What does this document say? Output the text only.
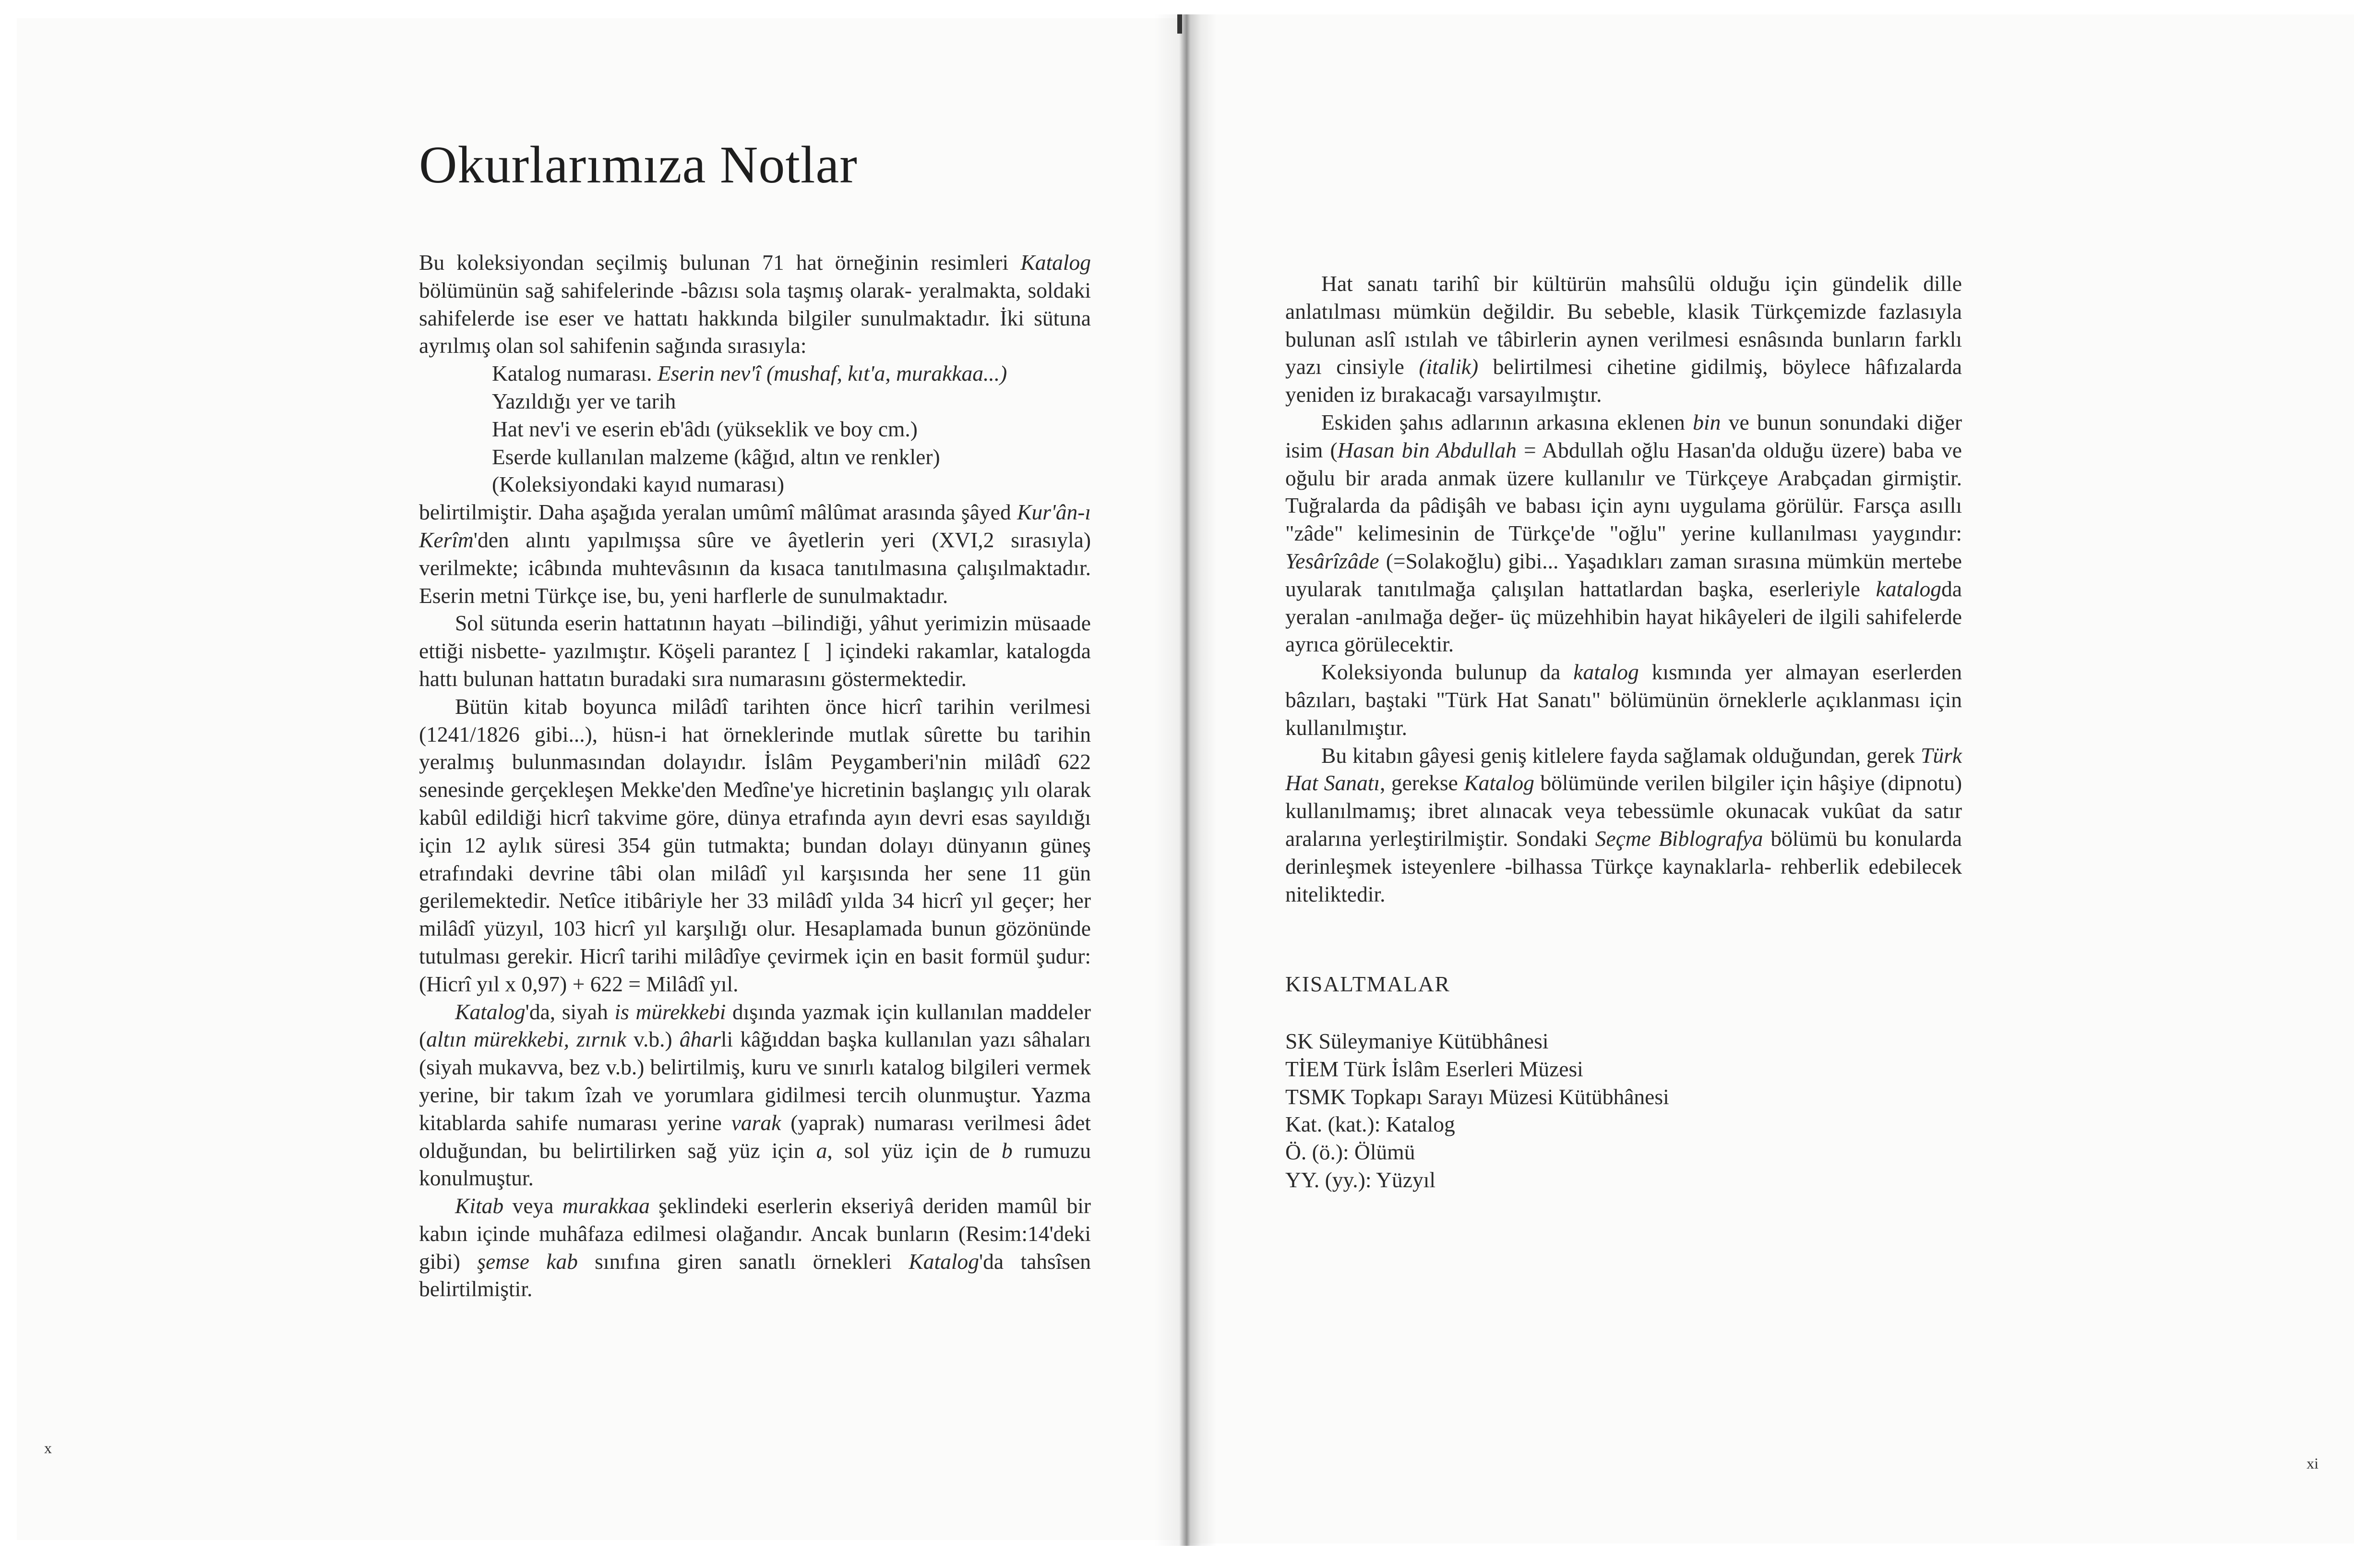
Okurlarımıza Notlar

Bu koleksiyondan seçilmiş bulunan 71 hat örneğinin resimleri Katalog bölümünün sağ sahifelerinde -bâzısı sola taşmış olarak- yeralmakta, soldaki sahifelerde ise eser ve hattatı hakkında bilgiler sunulmaktadır. İki sütuna ayrılmış olan sol sahifenin sağında sırasıyla:

Katalog numarası. Eserin nev'î (mushaf, kıt'a, murakkaa...)
Yazıldığı yer ve tarih
Hat nev'i ve eserin eb'âdı (yükseklik ve boy cm.)
Eserde kullanılan malzeme (kâğıd, altın ve renkler)
(Koleksiyondaki kayıd numarası)

belirtilmiştir. Daha aşağıda yeralan umûmî mâlûmat arasında şâyed Kur'ân-ı Kerîm'den alıntı yapılmışsa sûre ve âyetlerin yeri (XVI,2 sırasıyla) verilmekte; icâbında muhtevâsının da kısaca tanıtılmasına çalışılmaktadır. Eserin metni Türkçe ise, bu, yeni harflerle de sunulmaktadır.

Sol sütunda eserin hattatının hayatı –bilindiği, yâhut yerimizin müsaade ettiği nisbette- yazılmıştır. Köşeli parantez [  ] içindeki rakamlar, katalogda hattı bulunan hattatın buradaki sıra numarasını göstermektedir.

Bütün kitab boyunca milâdî tarihten önce hicrî tarihin verilmesi (1241/1826 gibi...), hüsn-i hat örneklerinde mutlak sûrette bu tarihin yeralmış bulunmasından dolayıdır. İslâm Peygamberi'nin milâdî 622 senesinde gerçekleşen Mekke'den Medîne'ye hicretinin başlangıç yılı olarak kabûl edildiği hicrî takvime göre, dünya etrafında ayın devri esas sayıldığı için 12 aylık süresi 354 gün tutmakta; bundan dolayı dünyanın güneş etrafındaki devrine tâbi olan milâdî yıl karşısında her sene 11 gün gerilemektedir. Netîce itibâriyle her 33 milâdî yılda 34 hicrî yıl geçer; her milâdî yüzyıl, 103 hicrî yıl karşılığı olur. Hesaplamada bunun gözönünde tutulması gerekir. Hicrî tarihi milâdîye çevirmek için en basit formül şudur: (Hicrî yıl x 0,97) + 622 = Milâdî yıl.

Katalog'da, siyah is mürekkebi dışında yazmak için kullanılan maddeler (altın mürekkebi, zırnık v.b.) âharli kâğıddan başka kullanılan yazı sâhaları (siyah mukavva, bez v.b.) belirtilmiş, kuru ve sınırlı katalog bilgileri vermek yerine, bir takım îzah ve yorumlara gidilmesi tercih olunmuştur. Yazma kitablarda sahife numarası yerine varak (yaprak) numarası verilmesi âdet olduğundan, bu belirtilirken sağ yüz için a, sol yüz için de b rumuzu konulmuştur.

Kitab veya murakkaa şeklindeki eserlerin ekseriyâ deriden mamûl bir kabın içinde muhâfaza edilmesi olağandır. Ancak bunların (Resim:14'deki gibi) şemse kab sınıfına giren sanatlı örnekleri Katalog'da tahsîsen belirtilmiştir.

Hat sanatı tarihî bir kültürün mahsûlü olduğu için gündelik dille anlatılması mümkün değildir. Bu sebeble, klasik Türkçemizde fazlasıyla bulunan aslî ıstılah ve tâbirlerin aynen verilmesi esnâsında bunların farklı yazı cinsiyle (italik) belirtilmesi cihetine gidilmiş, böylece hâfızalarda yeniden iz bırakacağı varsayılmıştır.

Eskiden şahıs adlarının arkasına eklenen bin ve bunun sonundaki diğer isim (Hasan bin Abdullah = Abdullah oğlu Hasan'da olduğu üzere) baba ve oğulu bir arada anmak üzere kullanılır ve Türkçeye Arabçadan girmiştir. Tuğralarda da pâdişâh ve babası için aynı uygulama görülür. Farsça asıllı "zâde" kelimesinin de Türkçe'de "oğlu" yerine kullanılması yaygındır: Yesârîzâde (=Solakoğlu) gibi... Yaşadıkları zaman sırasına mümkün mertebe uyularak tanıtılmağa çalışılan hattatlardan başka, eserleriyle katalogda yeralan -anılmağa değer- üç müzehhibin hayat hikâyeleri de ilgili sahifelerde ayrıca görülecektir.

Koleksiyonda bulunup da katalog kısmında yer almayan eserlerden bâzıları, baştaki "Türk Hat Sanatı" bölümünün örneklerle açıklanması için kullanılmıştır.

Bu kitabın gâyesi geniş kitlelere fayda sağlamak olduğundan, gerek Türk Hat Sanatı, gerekse Katalog bölümünde verilen bilgiler için hâşiye (dipnotu) kullanılmamış; ibret alınacak veya tebessümle okunacak vukûat da satır aralarına yerleştirilmiştir. Sondaki Seçme Biblografya bölümü bu konularda derinleşmek isteyenlere -bilhassa Türkçe kaynaklarla- rehberlik edebilecek niteliktedir.

KISALTMALAR
SK Süleymaniye Kütübhânesi
TİEM Türk İslâm Eserleri Müzesi
TSMK Topkapı Sarayı Müzesi Kütübhânesi
Kat. (kat.): Katalog
Ö. (ö.): Ölümü
YY. (yy.): Yüzyıl
x
xi
